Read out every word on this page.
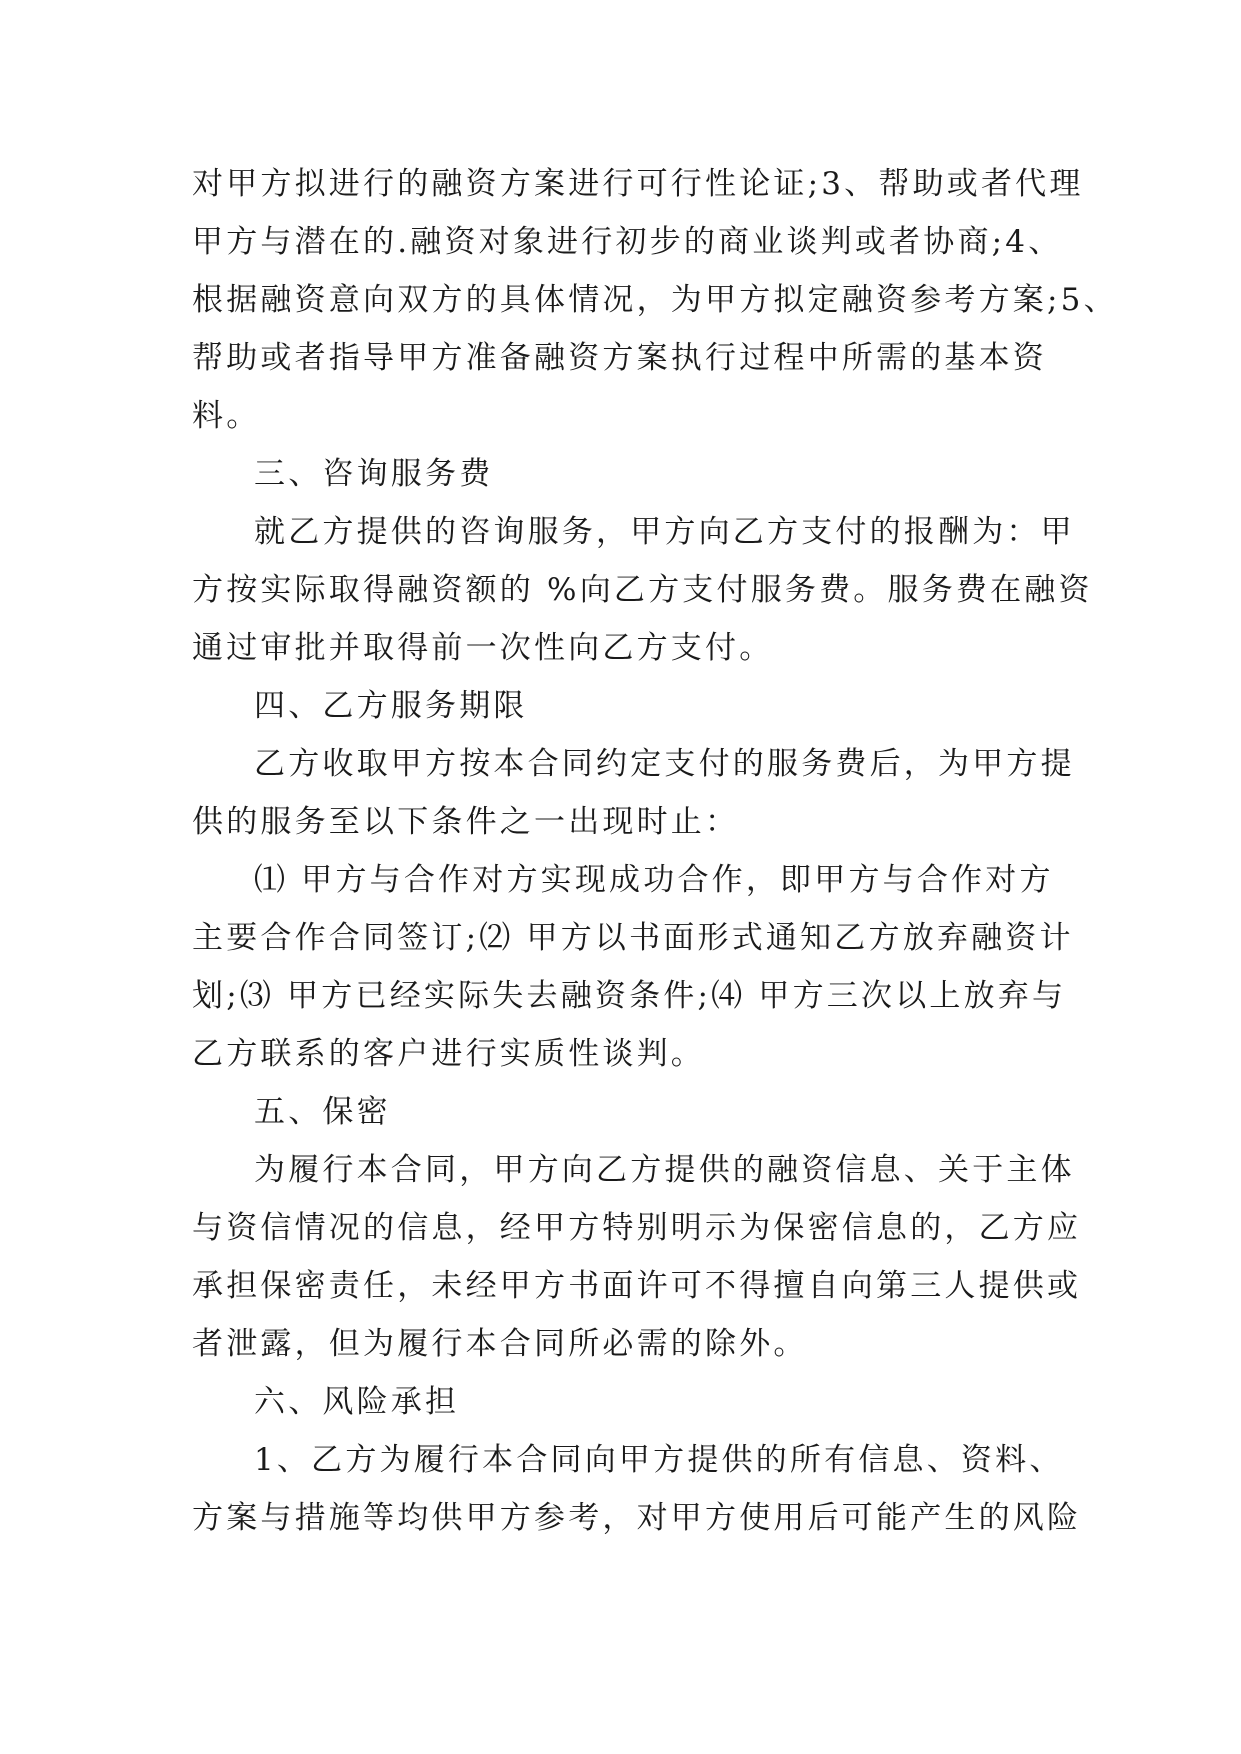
对甲方拟进行的融资方案进行可行性论证;3、帮助或者代理
甲方与潜在的.融资对象进行初步的商业谈判或者协商;4、
根据融资意向双方的具体情况，为甲方拟定融资参考方案;5、
帮助或者指导甲方准备融资方案执行过程中所需的基本资
料。
三、咨询服务费
就乙方提供的咨询服务，甲方向乙方支付的报酬为：甲
方按实际取得融资额的 %向乙方支付服务费。服务费在融资
通过审批并取得前一次性向乙方支付。
四、乙方服务期限
乙方收取甲方按本合同约定支付的服务费后，为甲方提
供的服务至以下条件之一出现时止：
⑴ 甲方与合作对方实现成功合作，即甲方与合作对方
主要合作合同签订;⑵ 甲方以书面形式通知乙方放弃融资计
划;⑶ 甲方已经实际失去融资条件;⑷ 甲方三次以上放弃与
乙方联系的客户进行实质性谈判。
五、保密
为履行本合同，甲方向乙方提供的融资信息、关于主体
与资信情况的信息，经甲方特别明示为保密信息的，乙方应
承担保密责任，未经甲方书面许可不得擅自向第三人提供或
者泄露，但为履行本合同所必需的除外。
六、风险承担
1、乙方为履行本合同向甲方提供的所有信息、资料、
方案与措施等均供甲方参考，对甲方使用后可能产生的风险
